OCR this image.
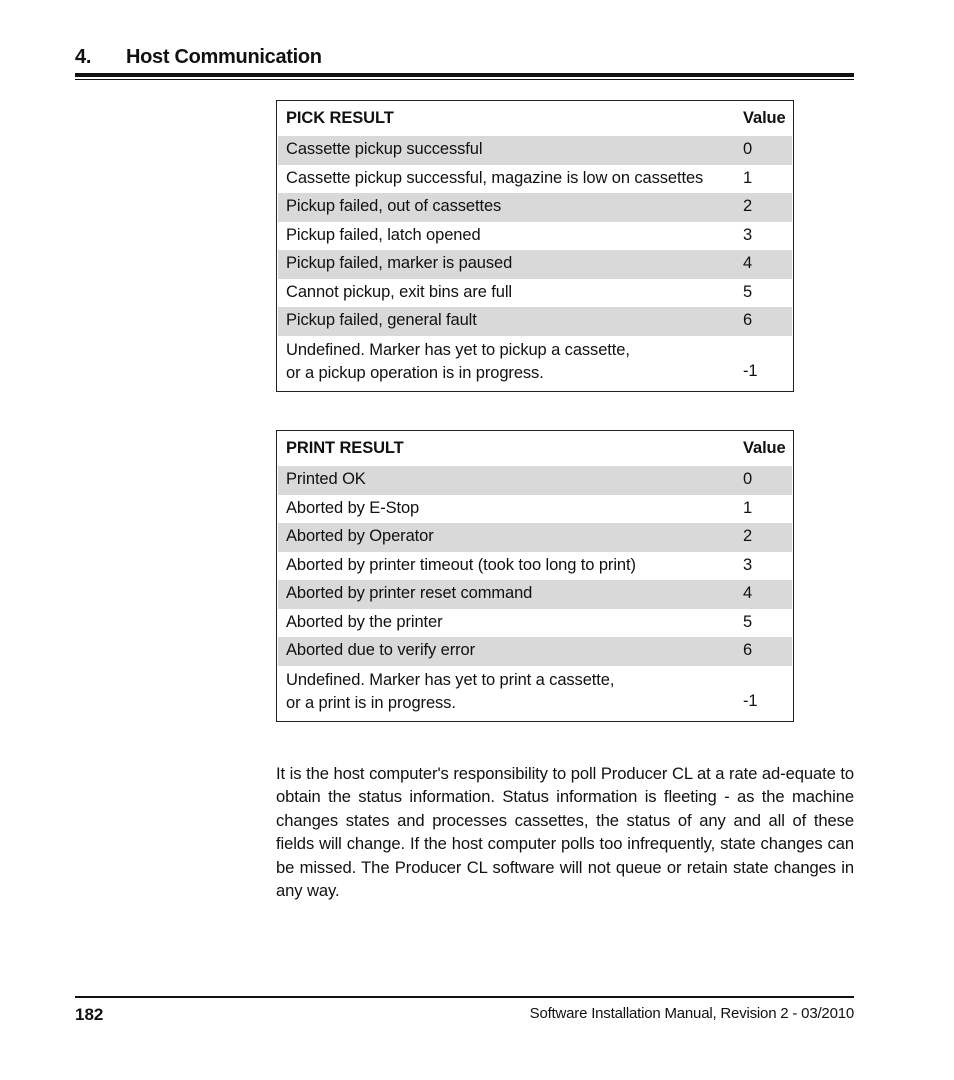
4. Host Communication
PICK RESULT	Value
Cassette pickup successful	0
Cassette pickup successful, magazine is low on cassettes 1
Pickup failed, out of cassettes	2
Pickup failed, latch opened	3
Pickup failed, marker is paused	4
Cannot pickup, exit bins are full	5
Pickup failed, general fault	6
Undefined. Marker has yet to pickup a cassette,
or a pickup operation is in progress.	-1
PRINT RESULT	Value
Printed OK	0
Aborted by E-Stop	1
Aborted by Operator	2
Aborted by printer timeout (took too long to print)	3
Aborted by printer reset command	4
Aborted by the printer	5
Aborted due to verify error	6
Undefined. Marker has yet to print a cassette,
or a print is in progress.	-1

It is the host computer's responsibility to poll Producer CL at a rate ad-equate to obtain the status information. Status information is fleeting - as the machine changes states and processes cassettes, the status of any and all of these fields will change. If the host computer polls too infrequently, state changes can be missed. The Producer CL software will not queue or retain state changes in any way.

182	Software Installation Manual, Revision 2 - 03/2010
